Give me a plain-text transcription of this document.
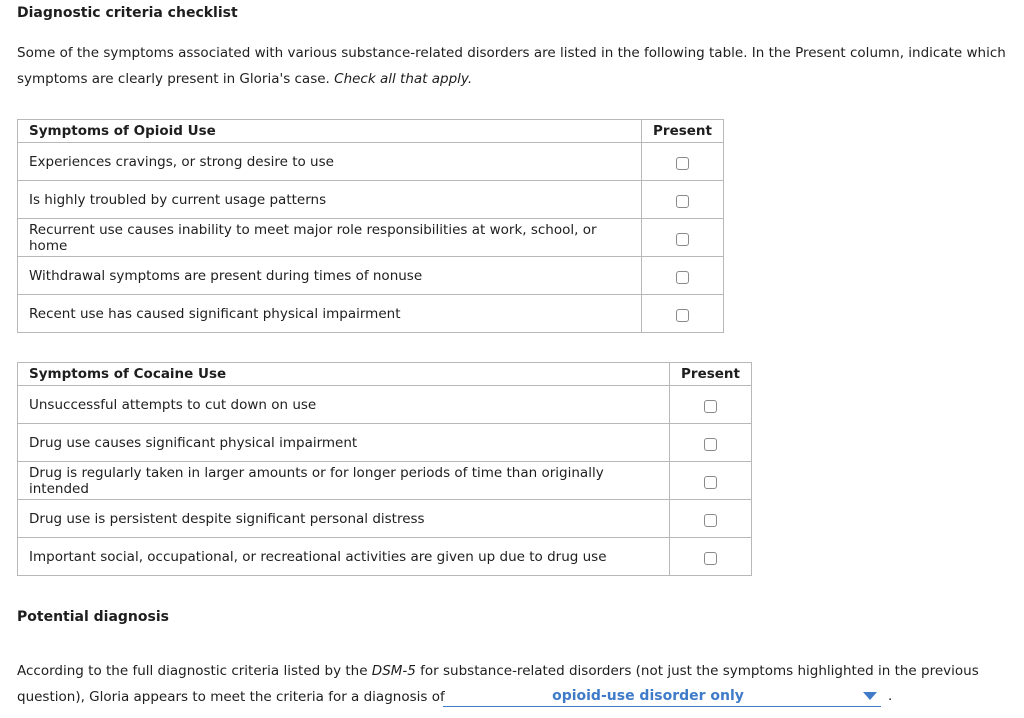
Diagnostic criteria checklist
Some of the symptoms associated with various substance-related disorders are listed in the following table. In the Present column, indicate which symptoms are clearly present in Gloria's case. Check all that apply.
Symptoms of Opioid Use	Present
Experiences cravings, or strong desire to use	
Is highly troubled by current usage patterns	
Recurrent use causes inability to meet major role responsibilities at work, school, or home	
Withdrawal symptoms are present during times of nonuse	
Recent use has caused significant physical impairment	
Symptoms of Cocaine Use	Present
Unsuccessful attempts to cut down on use	
Drug use causes significant physical impairment	
Drug is regularly taken in larger amounts or for longer periods of time than originally intended	
Drug use is persistent despite significant personal distress	
Important social, occupational, or recreational activities are given up due to drug use	
Potential diagnosis
According to the full diagnostic criteria listed by the DSM-5 for substance-related disorders (not just the symptoms highlighted in the previous question), Gloria appears to meet the criteria for a diagnosis of	opioid-use disorder only	.
